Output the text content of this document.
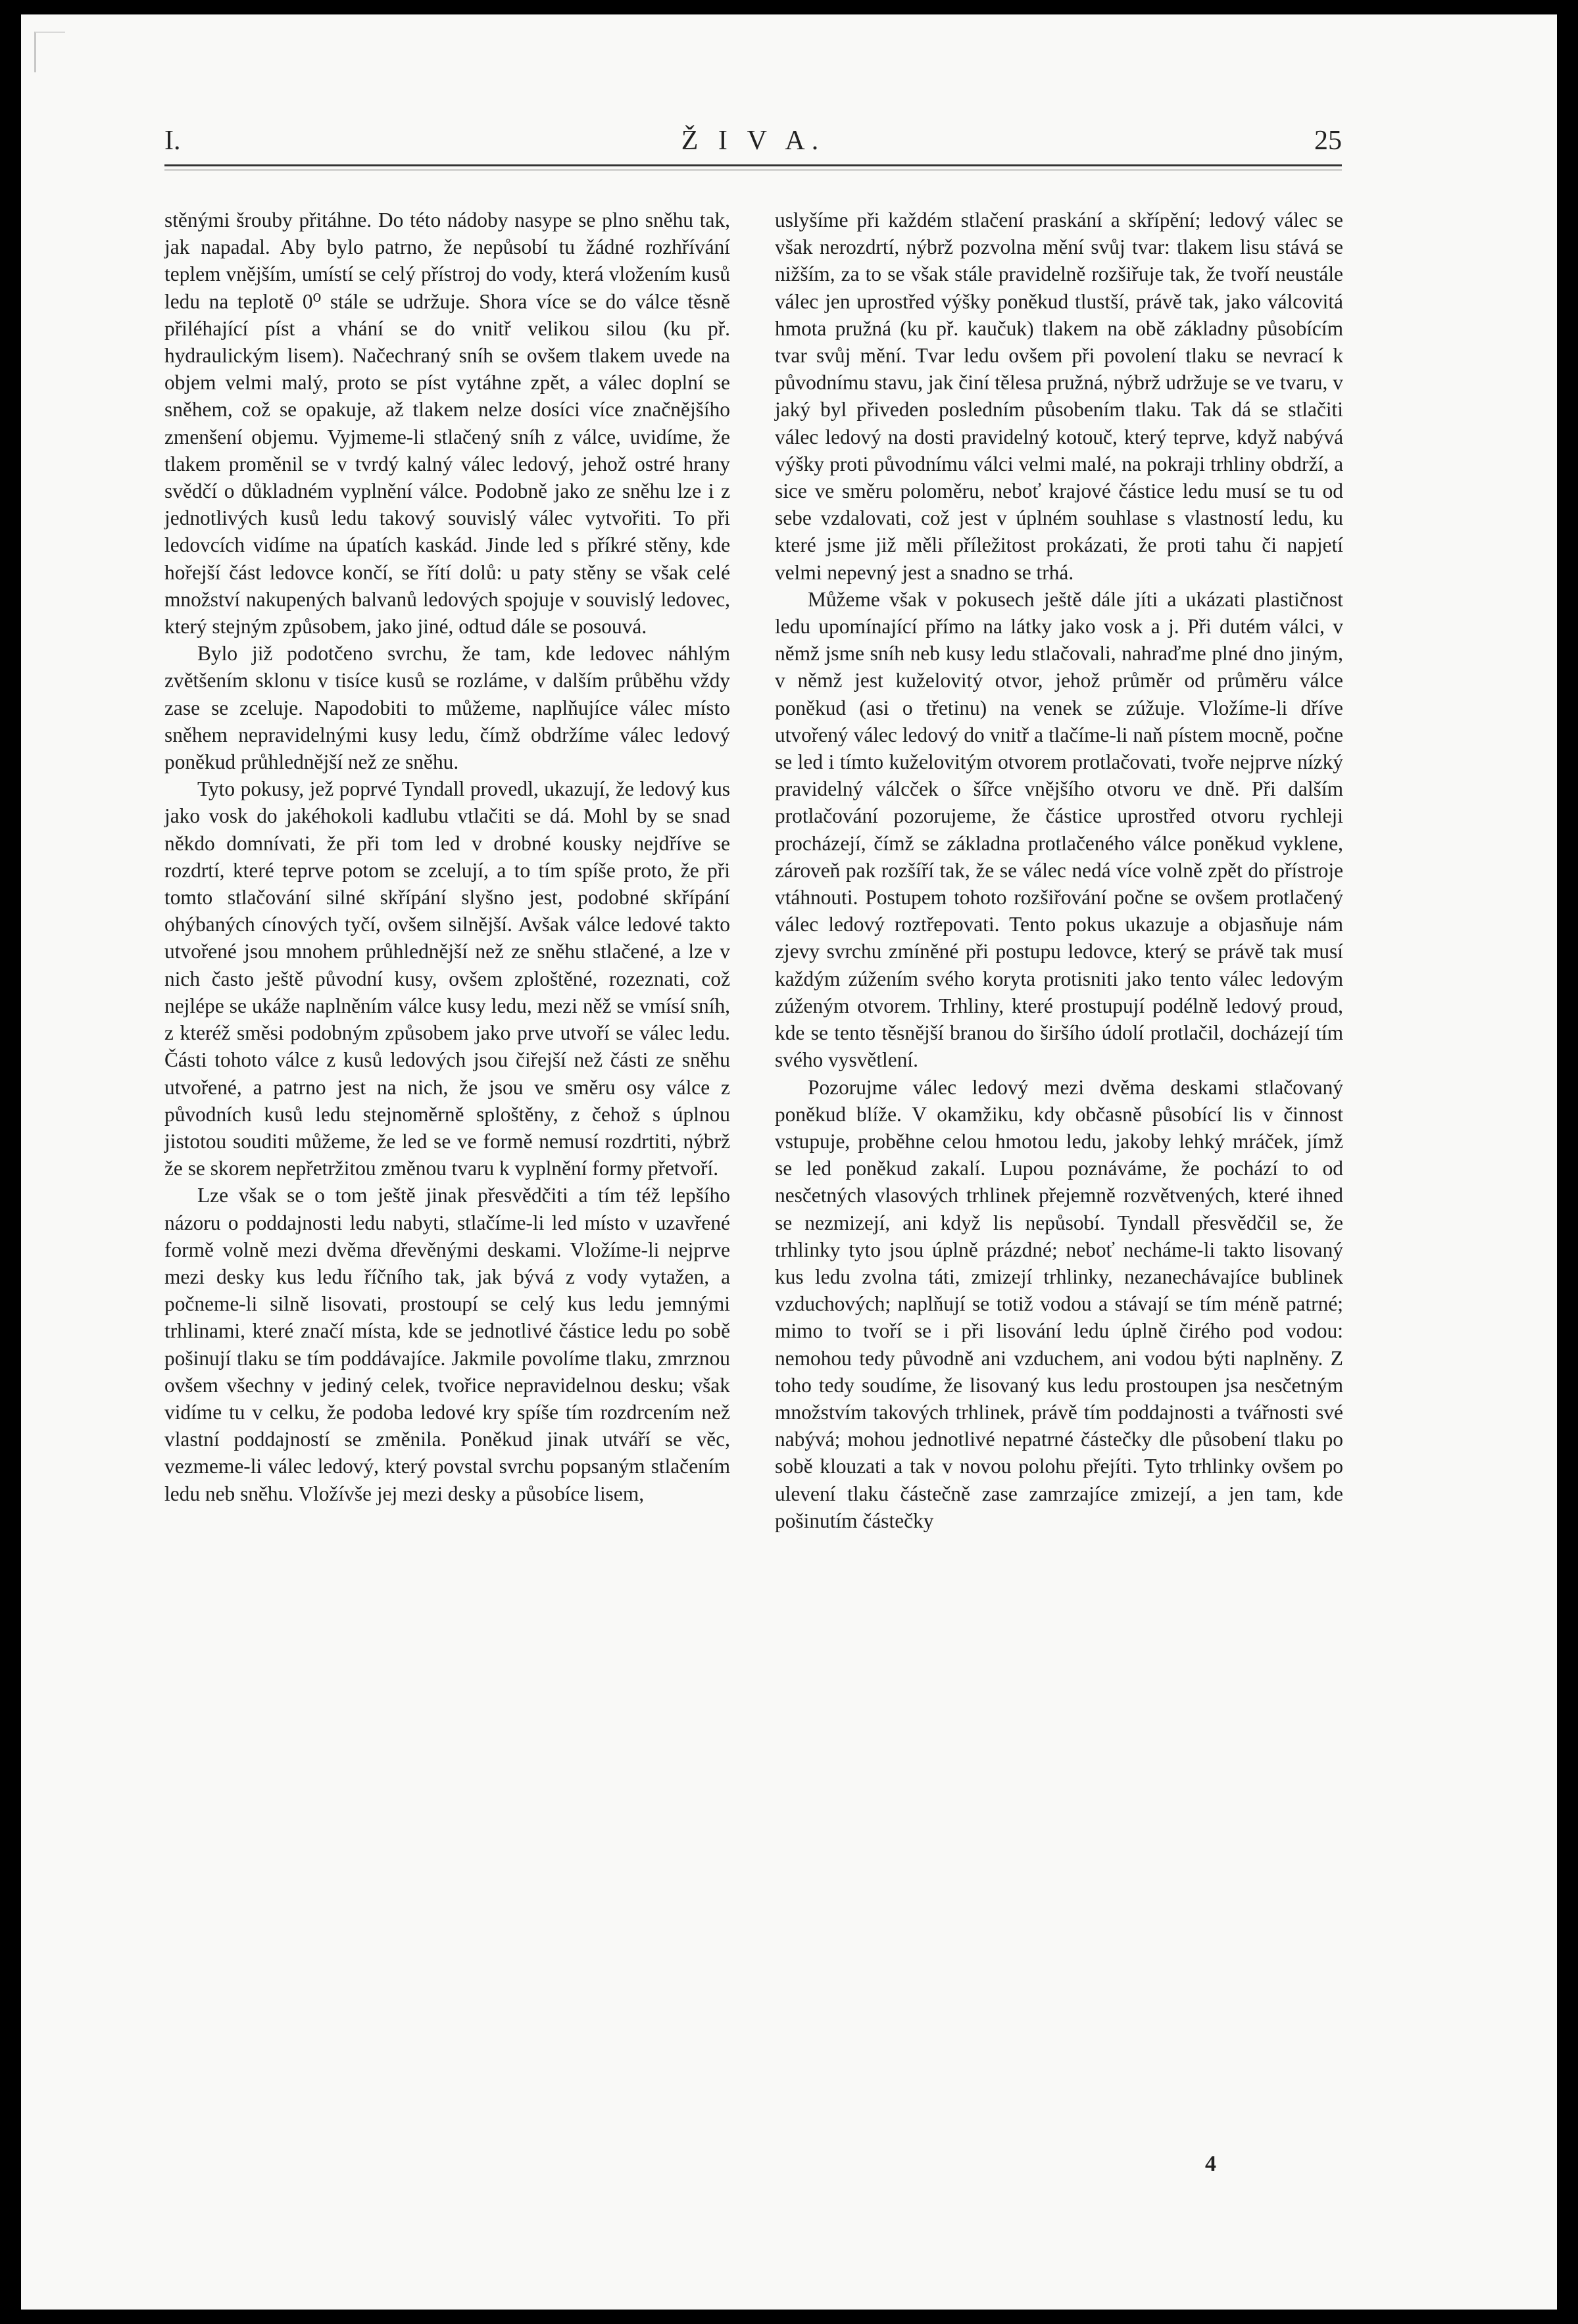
I.	Ž I V A.	25

stěnými šrouby přitáhne. Do této nádoby nasype se plno sněhu tak, jak napadal. Aby bylo patrno, že nepůsobí tu žádné rozhřívání teplem vnějším, umístí se celý přístroj do vody, která vložením kusů ledu na teplotě 0⁰ stále se udržuje. Shora více se do válce těsně přiléhající píst a vhání se do vnitř velikou silou (ku př. hydraulickým lisem). Načechraný sníh se ovšem tlakem uvede na objem velmi malý, proto se píst vytáhne zpět, a válec doplní se sněhem, což se opakuje, až tlakem nelze dosíci více značnějšího zmenšení objemu. Vyjmeme-li stlačený sníh z válce, uvidíme, že tlakem proměnil se v tvrdý kalný válec ledový, jehož ostré hrany svědčí o důkladném vyplnění válce. Podobně jako ze sněhu lze i z jednotlivých kusů ledu takový souvislý válec vytvořiti. To při ledovcích vidíme na úpatích kaskád. Jinde led s příkré stěny, kde hořejší část ledovce končí, se řítí dolů: u paty stěny se však celé množství nakupených balvanů ledových spojuje v souvislý ledovec, který stejným způsobem, jako jiné, odtud dále se posouvá.

Bylo již podotčeno svrchu, že tam, kde ledovec náhlým zvětšením sklonu v tisíce kusů se rozláme, v dalším průběhu vždy zase se zceluje. Napodobiti to můžeme, naplňujíce válec místo sněhem nepravidelnými kusy ledu, čímž obdržíme válec ledový poněkud průhlednější než ze sněhu.

Tyto pokusy, jež poprvé Tyndall provedl, ukazují, že ledový kus jako vosk do jakéhokoli kadlubu vtlačiti se dá. Mohl by se snad někdo domnívati, že při tom led v drobné kousky nejdříve se rozdrtí, které teprve potom se zcelují, a to tím spíše proto, že při tomto stlačování silné skřípání slyšno jest, podobné skřípání ohýbaných cínových tyčí, ovšem silnější. Avšak válce ledové takto utvořené jsou mnohem průhlednější než ze sněhu stlačené, a lze v nich často ještě původní kusy, ovšem zploštěné, rozeznati, což nejlépe se ukáže naplněním válce kusy ledu, mezi něž se vmísí sníh, z kteréž směsi podobným způsobem jako prve utvoří se válec ledu. Části tohoto válce z kusů ledových jsou čiřejší než části ze sněhu utvořené, a patrno jest na nich, že jsou ve směru osy válce z původních kusů ledu stejnoměrně sploštěny, z čehož s úplnou jistotou souditi můžeme, že led se ve formě nemusí rozdrtiti, nýbrž že se skorem nepřetržitou změnou tvaru k vyplnění formy přetvoří.

Lze však se o tom ještě jinak přesvědčiti a tím též lepšího názoru o poddajnosti ledu nabyti, stlačíme-li led místo v uzavřené formě volně mezi dvěma dřevěnými deskami. Vložíme-li nejprve mezi desky kus ledu říčního tak, jak bývá z vody vytažen, a počneme-li silně lisovati, prostoupí se celý kus ledu jemnými trhlinami, které značí místa, kde se jednotlivé částice ledu po sobě pošinují tlaku se tím poddávajíce. Jakmile povolíme tlaku, zmrznou ovšem všechny v jediný celek, tvořice nepravidelnou desku; však vidíme tu v celku, že podoba ledové kry spíše tím rozdrcením než vlastní poddajností se změnila. Poněkud jinak utváří se věc, vezmeme-li válec ledový, který povstal svrchu popsaným stlačením ledu neb sněhu. Vložívše jej mezi desky a působíce lisem,

uslyšíme při každém stlačení praskání a skřípění; ledový válec se však nerozdrtí, nýbrž pozvolna mění svůj tvar: tlakem lisu stává se nižším, za to se však stále pravidelně rozšiřuje tak, že tvoří neustále válec jen uprostřed výšky poněkud tlustší, právě tak, jako válcovitá hmota pružná (ku př. kaučuk) tlakem na obě základny působícím tvar svůj mění. Tvar ledu ovšem při povolení tlaku se nevrací k původnímu stavu, jak činí tělesa pružná, nýbrž udržuje se ve tvaru, v jaký byl přiveden posledním působením tlaku. Tak dá se stlačiti válec ledový na dosti pravidelný kotouč, který teprve, když nabývá výšky proti původnímu válci velmi malé, na pokraji trhliny obdrží, a sice ve směru poloměru, neboť krajové částice ledu musí se tu od sebe vzdalovati, což jest v úplném souhlase s vlastností ledu, ku které jsme již měli příležitost prokázati, že proti tahu či napjetí velmi nepevný jest a snadno se trhá.

Můžeme však v pokusech ještě dále jíti a ukázati plastičnost ledu upomínající přímo na látky jako vosk a j. Při dutém válci, v němž jsme sníh neb kusy ledu stlačovali, nahraďme plné dno jiným, v němž jest kuželovitý otvor, jehož průměr od průměru válce poněkud (asi o třetinu) na venek se zúžuje. Vložíme-li dříve utvořený válec ledový do vnitř a tlačíme-li naň pístem mocně, počne se led i tímto kuželovitým otvorem protlačovati, tvoře nejprve nízký pravidelný válcček o šířce vnějšího otvoru ve dně. Při dalším protlačování pozorujeme, že částice uprostřed otvoru rychleji procházejí, čímž se základna protlačeného válce poněkud vyklene, zároveň pak rozšíří tak, že se válec nedá více volně zpět do přístroje vtáhnouti. Postupem tohoto rozšiřování počne se ovšem protlačený válec ledový roztřepovati. Tento pokus ukazuje a objasňuje nám zjevy svrchu zmíněné při postupu ledovce, který se právě tak musí každým zúžením svého koryta protisniti jako tento válec ledovým zúženým otvorem. Trhliny, které prostupují podélně ledový proud, kde se tento těsnější branou do širšího údolí protlačil, docházejí tím svého vysvětlení.

Pozorujme válec ledový mezi dvěma deskami stlačovaný poněkud blíže. V okamžiku, kdy občasně působící lis v činnost vstupuje, proběhne celou hmotou ledu, jakoby lehký mráček, jímž se led poněkud zakalí. Lupou poznáváme, že pochází to od nesčetných vlasových trhlinek přejemně rozvětvených, které ihned se nezmizejí, ani když lis nepůsobí. Tyndall přesvědčil se, že trhlinky tyto jsou úplně prázdné; neboť necháme-li takto lisovaný kus ledu zvolna táti, zmizejí trhlinky, nezanechávajíce bublinek vzduchových; naplňují se totiž vodou a stávají se tím méně patrné; mimo to tvoří se i při lisování ledu úplně čirého pod vodou: nemohou tedy původně ani vzduchem, ani vodou býti naplněny. Z toho tedy soudíme, že lisovaný kus ledu prostoupen jsa nesčetným množstvím takových trhlinek, právě tím poddajnosti a tvářnosti své nabývá; mohou jednotlivé nepatrné částečky dle působení tlaku po sobě klouzati a tak v novou polohu přejíti. Tyto trhlinky ovšem po ulevení tlaku částečně zase zamrzajíce zmizejí, a jen tam, kde pošinutím částečky

4
